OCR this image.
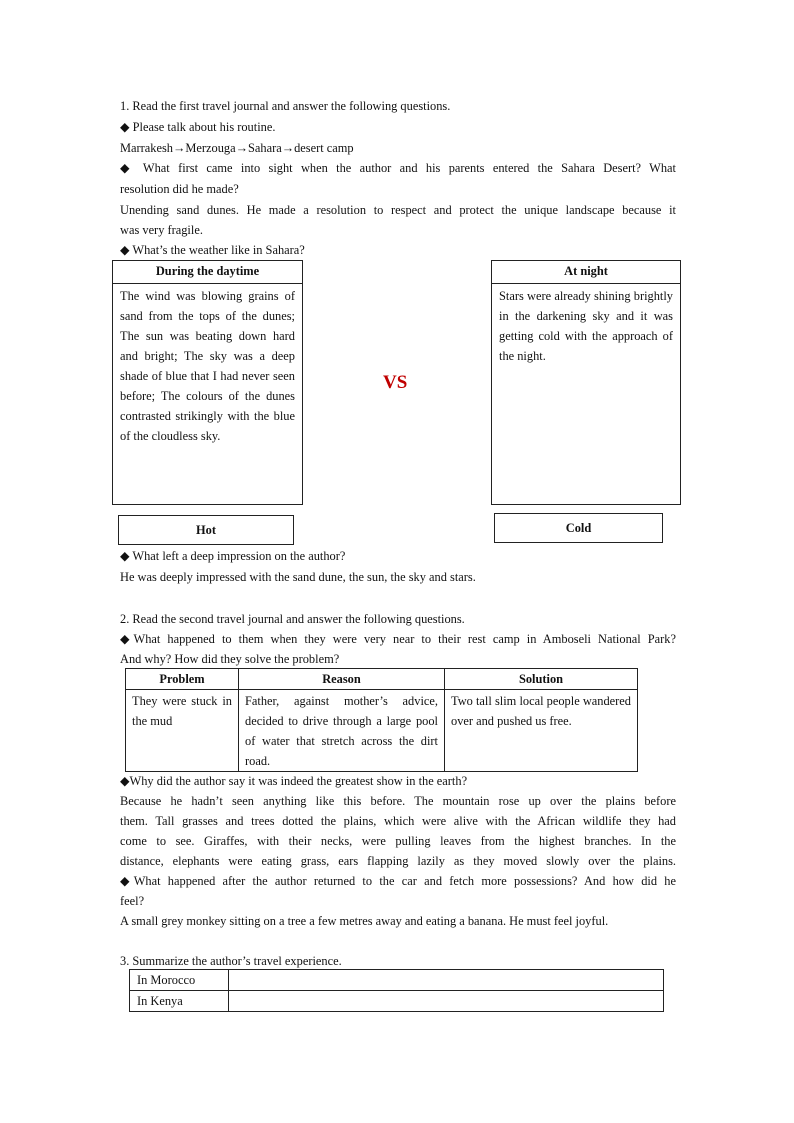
1. Read the first travel journal and answer the following questions.
◆ Please talk about his routine.
Marrakesh→Merzouga→Sahara→desert camp
◆ What first came into sight when the author and his parents entered the Sahara Desert? What
resolution did he made?
Unending sand dunes. He made a resolution to respect and protect the unique landscape because it
was very fragile.
◆ What’s the weather like in Sahara?
During the daytime
The wind was blowing grains of sand from the tops of the dunes; The sun was beating down hard and bright; The sky was a deep shade of blue that I had never seen before; The colours of the dunes contrasted strikingly with the blue of the cloudless sky.
VS
At night
Stars were already shining brightly in the darkening sky and it was getting cold with the approach of the night.
Hot	Cold
◆ What left a deep impression on the author?
He was deeply impressed with the sand dune, the sun, the sky and stars.
2. Read the second travel journal and answer the following questions.
◆What happened to them when they were very near to their rest camp in Amboseli National Park?
And why? How did they solve the problem?
Problem	Reason	Solution
They were stuck in the mud	Father, against mother’s advice, decided to drive through a large pool of water that stretch across the dirt road.	Two tall slim local people wandered over and pushed us free.
◆Why did the author say it was indeed the greatest show in the earth?
Because he hadn’t seen anything like this before. The mountain rose up over the plains before
them. Tall grasses and trees dotted the plains, which were alive with the African wildlife they had
come to see. Giraffes, with their necks, were pulling leaves from the highest branches. In the
distance, elephants were eating grass, ears flapping lazily as they moved slowly over the plains.
◆What happened after the author returned to the car and fetch more possessions? And how did he
feel?
A small grey monkey sitting on a tree a few metres away and eating a banana. He must feel joyful.
3. Summarize the author’s travel experience.
In Morocco	
In Kenya	
